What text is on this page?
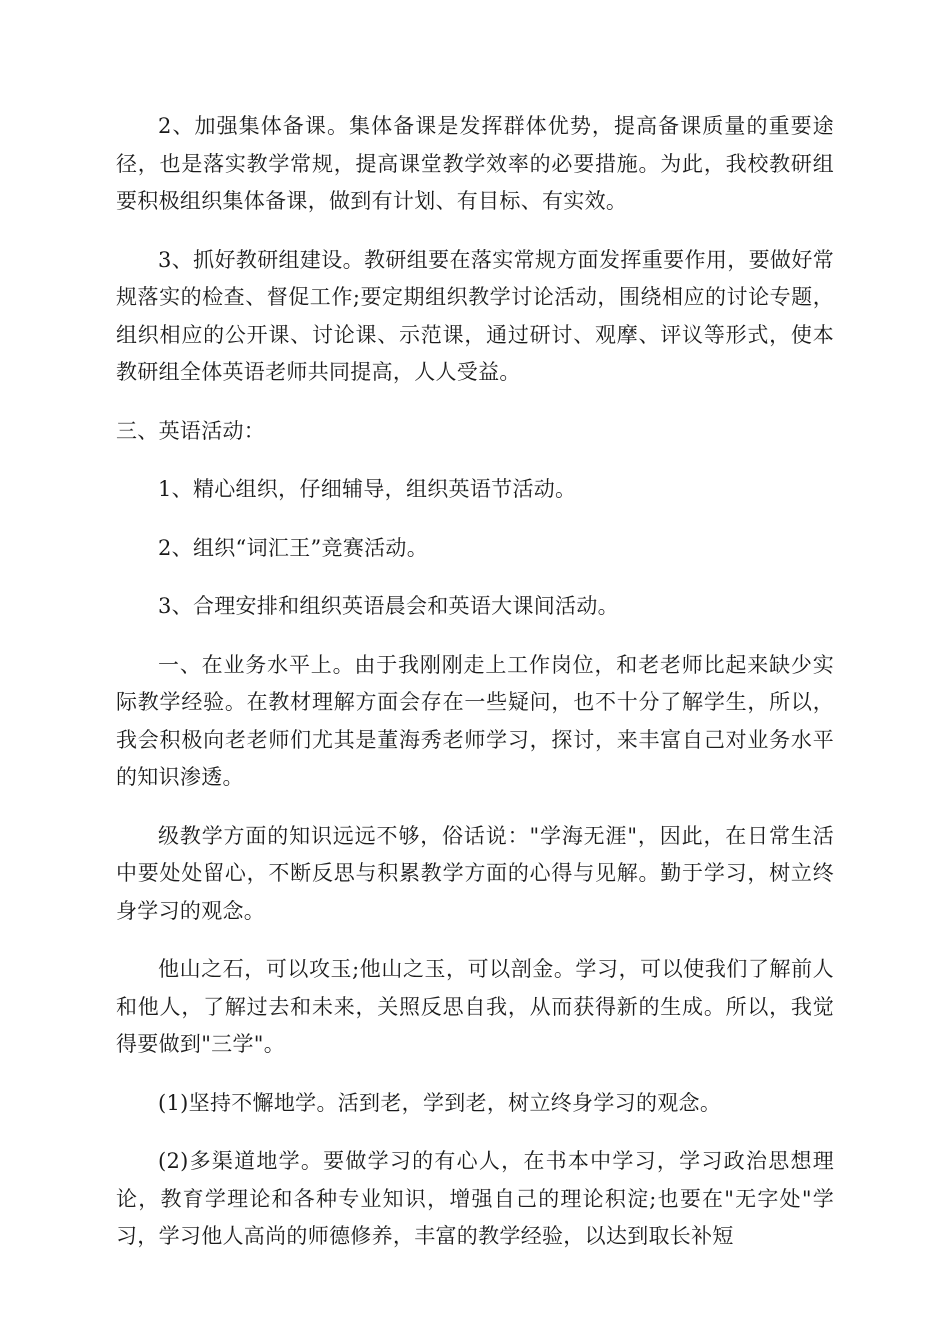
2、加强集体备课。集体备课是发挥群体优势，提高备课质量的重要途径，也是落实教学常规，提高课堂教学效率的必要措施。为此，我校教研组要积极组织集体备课，做到有计划、有目标、有实效。

3、抓好教研组建设。教研组要在落实常规方面发挥重要作用，要做好常规落实的检查、督促工作;要定期组织教学讨论活动，围绕相应的讨论专题，组织相应的公开课、讨论课、示范课，通过研讨、观摩、评议等形式，使本教研组全体英语老师共同提高，人人受益。

三、英语活动：

1、精心组织，仔细辅导，组织英语节活动。

2、组织“词汇王”竞赛活动。

3、合理安排和组织英语晨会和英语大课间活动。

一、在业务水平上。由于我刚刚走上工作岗位，和老老师比起来缺少实际教学经验。在教材理解方面会存在一些疑问，也不十分了解学生，所以，我会积极向老老师们尤其是董海秀老师学习，探讨，来丰富自己对业务水平的知识渗透。

级教学方面的知识远远不够，俗话说："学海无涯"，因此，在日常生活中要处处留心，不断反思与积累教学方面的心得与见解。勤于学习，树立终身学习的观念。

他山之石，可以攻玉;他山之玉，可以剖金。学习，可以使我们了解前人和他人，了解过去和未来，关照反思自我，从而获得新的生成。所以，我觉得要做到"三学"。

(1)坚持不懈地学。活到老，学到老，树立终身学习的观念。

(2)多渠道地学。要做学习的有心人，在书本中学习，学习政治思想理论，教育学理论和各种专业知识，增强自己的理论积淀;也要在"无字处"学习，学习他人高尚的师德修养，丰富的教学经验，以达到取长补短
